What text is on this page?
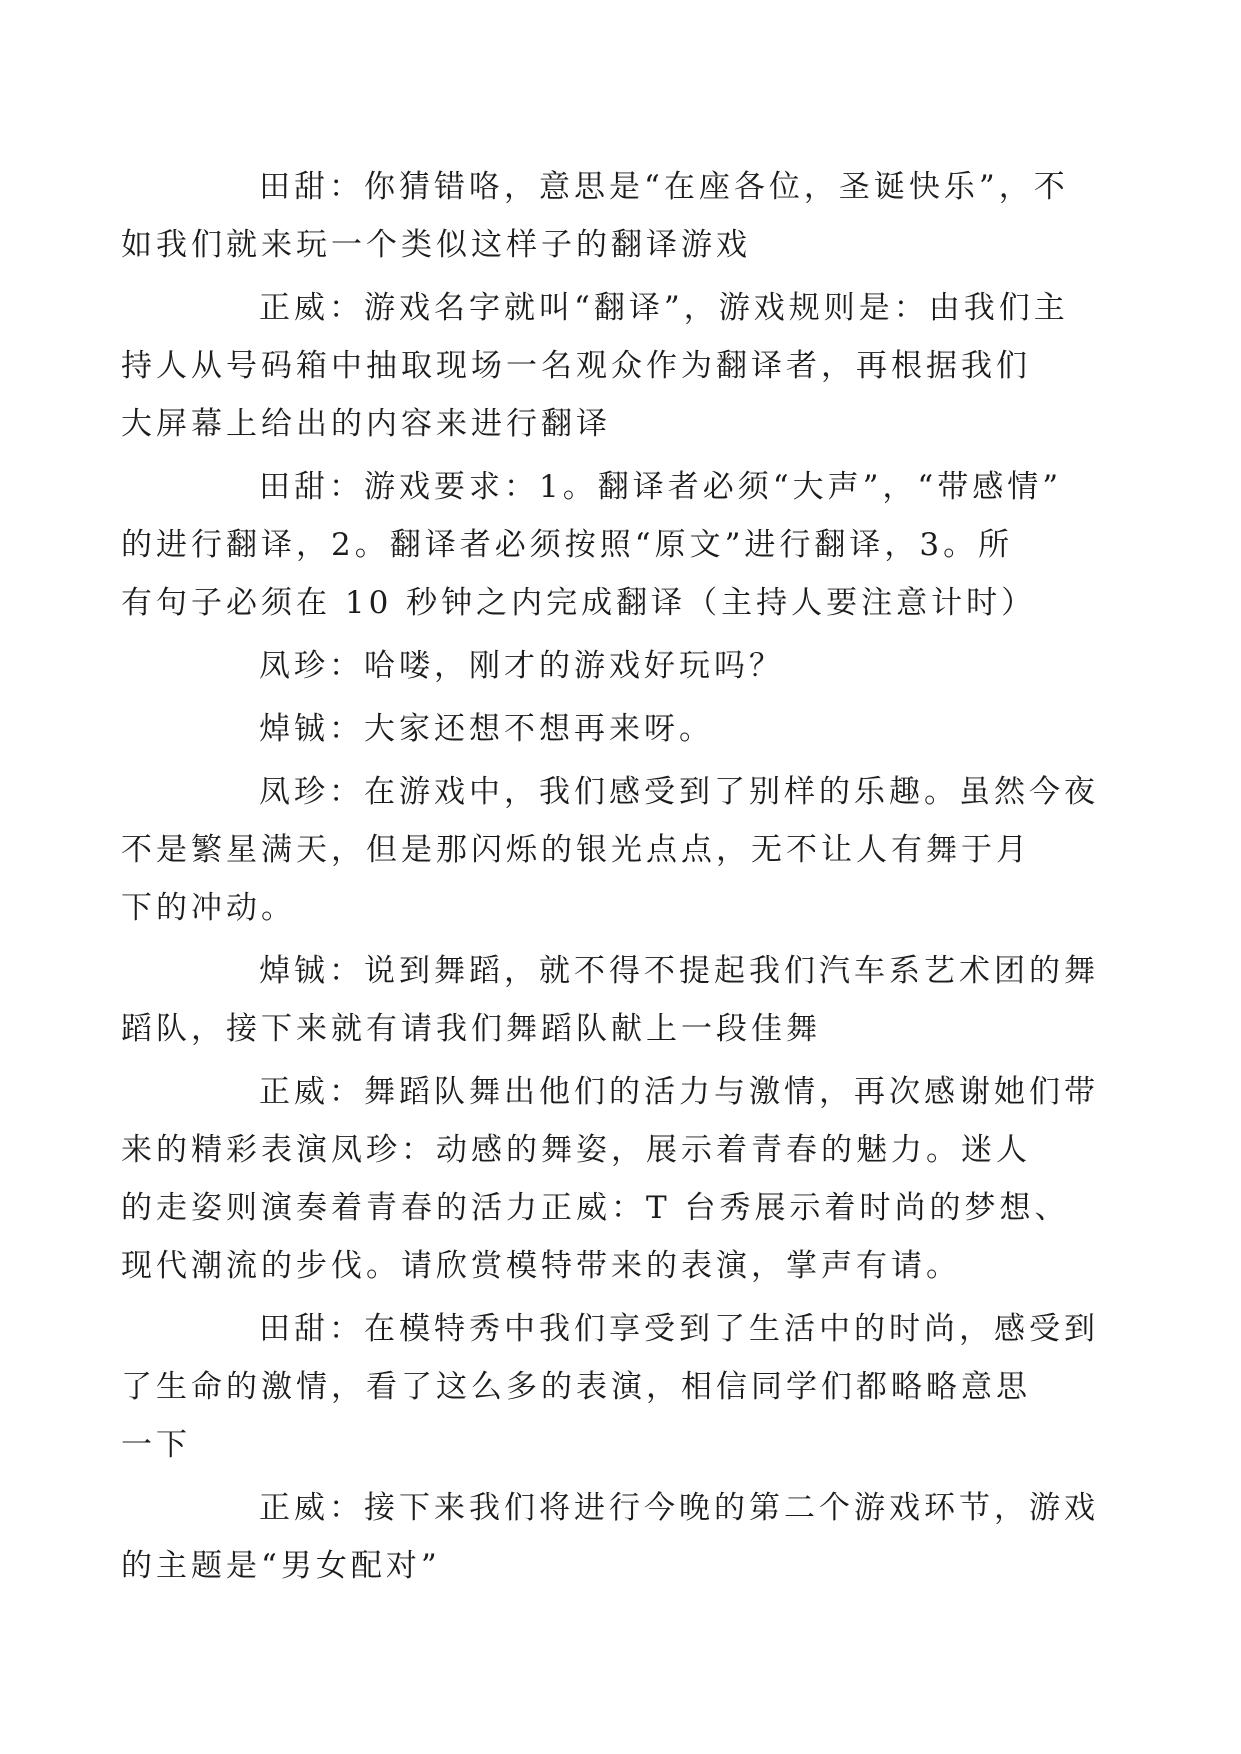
田甜：你猜错咯，意思是“在座各位，圣诞快乐”，不
如我们就来玩一个类似这样子的翻译游戏

正威：游戏名字就叫“翻译”，游戏规则是：由我们主
持人从号码箱中抽取现场一名观众作为翻译者，再根据我们
大屏幕上给出的内容来进行翻译

田甜：游戏要求：1。翻译者必须“大声”，“带感情”
的进行翻译，2。翻译者必须按照“原文”进行翻译，3。所
有句子必须在 10 秒钟之内完成翻译（主持人要注意计时）

凤珍：哈喽，刚才的游戏好玩吗？

焯铖：大家还想不想再来呀。

凤珍：在游戏中，我们感受到了别样的乐趣。虽然今夜
不是繁星满天，但是那闪烁的银光点点，无不让人有舞于月
下的冲动。

焯铖：说到舞蹈，就不得不提起我们汽车系艺术团的舞
蹈队，接下来就有请我们舞蹈队献上一段佳舞

正威：舞蹈队舞出他们的活力与激情，再次感谢她们带
来的精彩表演凤珍：动感的舞姿，展示着青春的魅力。迷人
的走姿则演奏着青春的活力正威：T 台秀展示着时尚的梦想、
现代潮流的步伐。请欣赏模特带来的表演，掌声有请。

田甜：在模特秀中我们享受到了生活中的时尚，感受到
了生命的激情，看了这么多的表演，相信同学们都略略意思
一下

正威：接下来我们将进行今晚的第二个游戏环节，游戏
的主题是“男女配对”
